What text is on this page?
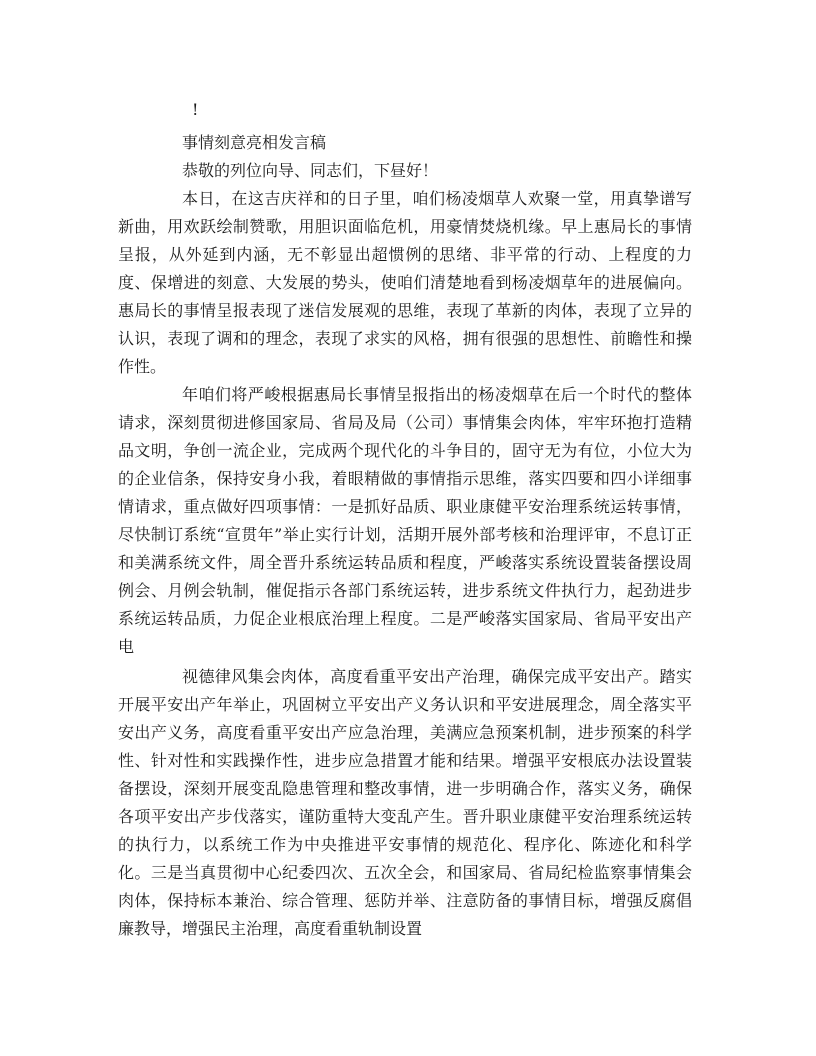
!

事情刻意亮相发言稿

恭敬的列位向导、同志们，下昼好！

本日，在这吉庆祥和的日子里，咱们杨凌烟草人欢聚一堂，用真挚谱写新曲，用欢跃绘制赞歌，用胆识面临危机，用豪情焚烧机缘。早上惠局长的事情呈报，从外延到内涵，无不彰显出超惯例的思绪、非平常的行动、上程度的力度、保增进的刻意、大发展的势头，使咱们清楚地看到杨凌烟草年的进展偏向。惠局长的事情呈报表现了迷信发展观的思维，表现了革新的肉体，表现了立异的认识，表现了调和的理念，表现了求实的风格，拥有很强的思想性、前瞻性和操作性。

年咱们将严峻根据惠局长事情呈报指出的杨凌烟草在后一个时代的整体请求，深刻贯彻进修国家局、省局及局（公司）事情集会肉体，牢牢环抱打造精品文明，争创一流企业，完成两个现代化的斗争目的，固守无为有位，小位大为的企业信条，保持安身小我，着眼精做的事情指示思维，落实四要和四小详细事情请求，重点做好四项事情：一是抓好品质、职业康健平安治理系统运转事情，尽快制订系统“宣贯年”举止实行计划，活期开展外部考核和治理评审，不息订正和美满系统文件，周全晋升系统运转品质和程度，严峻落实系统设置装备摆设周例会、月例会轨制，催促指示各部门系统运转，进步系统文件执行力，起劲进步系统运转品质，力促企业根底治理上程度。二是严峻落实国家局、省局平安出产电

视德律风集会肉体，高度看重平安出产治理，确保完成平安出产。踏实开展平安出产年举止，巩固树立平安出产义务认识和平安进展理念，周全落实平安出产义务，高度看重平安出产应急治理，美满应急预案机制，进步预案的科学性、针对性和实践操作性，进步应急措置才能和结果。增强平安根底办法设置装备摆设，深刻开展变乱隐患管理和整改事情，进一步明确合作，落实义务，确保各项平安出产步伐落实，谨防重特大变乱产生。晋升职业康健平安治理系统运转的执行力，以系统工作为中央推进平安事情的规范化、程序化、陈迹化和科学化。三是当真贯彻中心纪委四次、五次全会，和国家局、省局纪检监察事情集会肉体，保持标本兼治、综合管理、惩防并举、注意防备的事情目标，增强反腐倡廉教导，增强民主治理，高度看重轨制设置
